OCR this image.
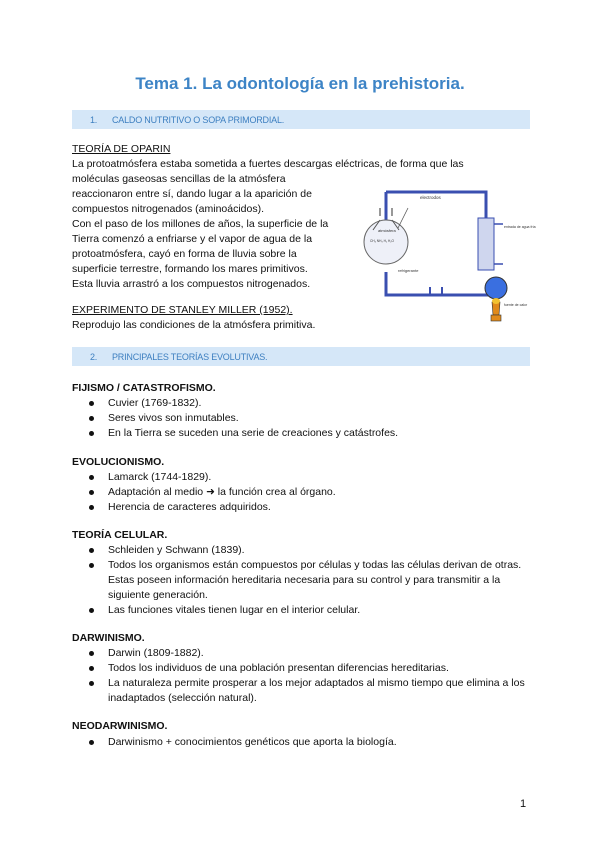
Tema 1. La odontología en la prehistoria.
1.	CALDO NUTRITIVO O SOPA PRIMORDIAL.
TEORÍA DE OPARIN
La protoatmósfera estaba sometida a fuertes descargas eléctricas, de forma que las
moléculas gaseosas sencillas de la atmósfera
reaccionaron entre sí, dando lugar a la aparición de
compuestos nitrogenados (aminoácidos).
Con el paso de los millones de años, la superficie de la
Tierra comenzó a enfriarse y el vapor de agua de la
protoatmósfera, cayó en forma de lluvia sobre la
superficie terrestre, formando los mares primitivos.
Esta lluvia arrastró a los compuestos nitrogenados.
electrodos
atmósfera
CH₄ NH₃ H₂ H₂O
refrigerante
entrada de agua fría
fuente de calor
EXPERIMENTO DE STANLEY MILLER (1952).
Reprodujo las condiciones de la atmósfera primitiva.
2.	PRINCIPALES TEORÍAS EVOLUTIVAS.
FIJISMO / CATASTROFISMO.
Cuvier (1769-1832).
Seres vivos son inmutables.
En la Tierra se suceden una serie de creaciones y catástrofes.
EVOLUCIONISMO.
Lamarck (1744-1829).
Adaptación al medio ➜ la función crea al órgano.
Herencia de caracteres adquiridos.
TEORÍA CELULAR.
Schleiden y Schwann (1839).
Todos los organismos están compuestos por células y todas las células derivan de otras. Estas poseen información hereditaria necesaria para su control y para transmitir a la siguiente generación.
Las funciones vitales tienen lugar en el interior celular.
DARWINISMO.
Darwin (1809-1882).
Todos los individuos de una población presentan diferencias hereditarias.
La naturaleza permite prosperar a los mejor adaptados al mismo tiempo que elimina a los inadaptados (selección natural).
NEODARWINISMO.
Darwinismo + conocimientos genéticos que aporta la biología.
1
